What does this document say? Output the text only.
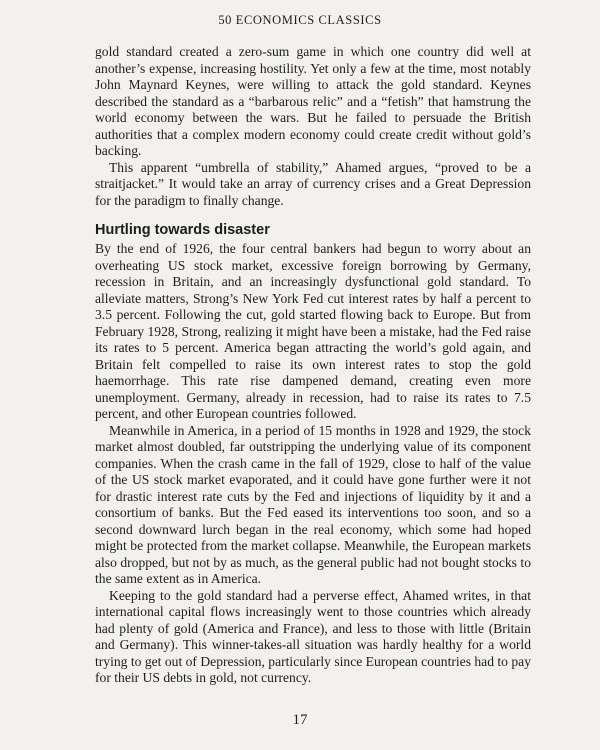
50 ECONOMICS CLASSICS

gold standard created a zero-sum game in which one country did well at another’s expense, increasing hostility. Yet only a few at the time, most notably John Maynard Keynes, were willing to attack the gold standard. Keynes described the standard as a “barbarous relic” and a “fetish” that hamstrung the world economy between the wars. But he failed to persuade the British authorities that a complex modern economy could create credit without gold’s backing.

This apparent “umbrella of stability,” Ahamed argues, “proved to be a straitjacket.” It would take an array of currency crises and a Great Depression for the paradigm to finally change.

Hurtling towards disaster

By the end of 1926, the four central bankers had begun to worry about an overheating US stock market, excessive foreign borrowing by Germany, recession in Britain, and an increasingly dysfunctional gold standard. To alleviate matters, Strong’s New York Fed cut interest rates by half a percent to 3.5 percent. Following the cut, gold started flowing back to Europe. But from February 1928, Strong, realizing it might have been a mistake, had the Fed raise its rates to 5 percent. America began attracting the world’s gold again, and Britain felt compelled to raise its own interest rates to stop the gold haemorrhage. This rate rise dampened demand, creating even more unemployment. Germany, already in recession, had to raise its rates to 7.5 percent, and other European countries followed.

Meanwhile in America, in a period of 15 months in 1928 and 1929, the stock market almost doubled, far outstripping the underlying value of its component companies. When the crash came in the fall of 1929, close to half of the value of the US stock market evaporated, and it could have gone further were it not for drastic interest rate cuts by the Fed and injections of liquidity by it and a consortium of banks. But the Fed eased its interventions too soon, and so a second downward lurch began in the real economy, which some had hoped might be protected from the market collapse. Meanwhile, the European markets also dropped, but not by as much, as the general public had not bought stocks to the same extent as in America.

Keeping to the gold standard had a perverse effect, Ahamed writes, in that international capital flows increasingly went to those countries which already had plenty of gold (America and France), and less to those with little (Britain and Germany). This winner-takes-all situation was hardly healthy for a world trying to get out of Depression, particularly since European countries had to pay for their US debts in gold, not currency.

17
